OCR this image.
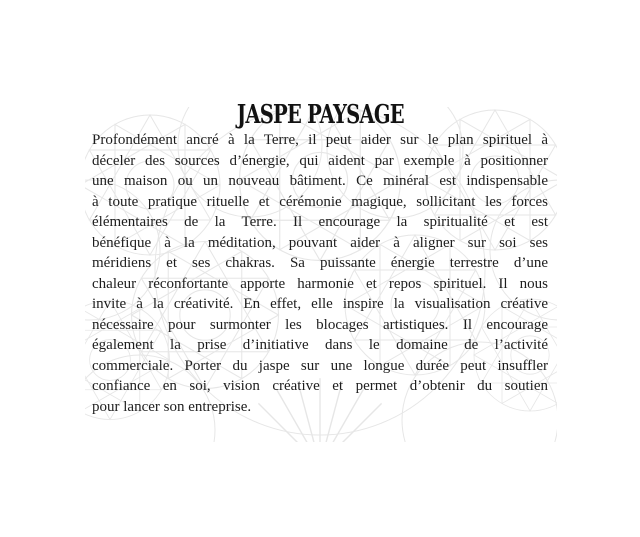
JASPE PAYSAGE
Profondément ancré à la Terre, il peut aider sur le plan spirituel à
déceler des sources d’énergie, qui aident par exemple à positionner
une maison ou un nouveau bâtiment. Ce minéral est indispensable
à toute pratique rituelle et cérémonie magique, sollicitant les forces
élémentaires de la Terre. Il encourage la spiritualité et est
bénéfique à la méditation, pouvant aider à aligner sur soi ses
méridiens et ses chakras. Sa puissante énergie terrestre d’une
chaleur réconfortante apporte harmonie et repos spirituel. Il nous
invite à la créativité. En effet, elle inspire la visualisation créative
nécessaire pour surmonter les blocages artistiques. Il encourage
également la prise d’initiative dans le domaine de l’activité
commerciale. Porter du jaspe sur une longue durée peut insuffler
confiance en soi, vision créative et permet d’obtenir du soutien
pour lancer son entreprise.
